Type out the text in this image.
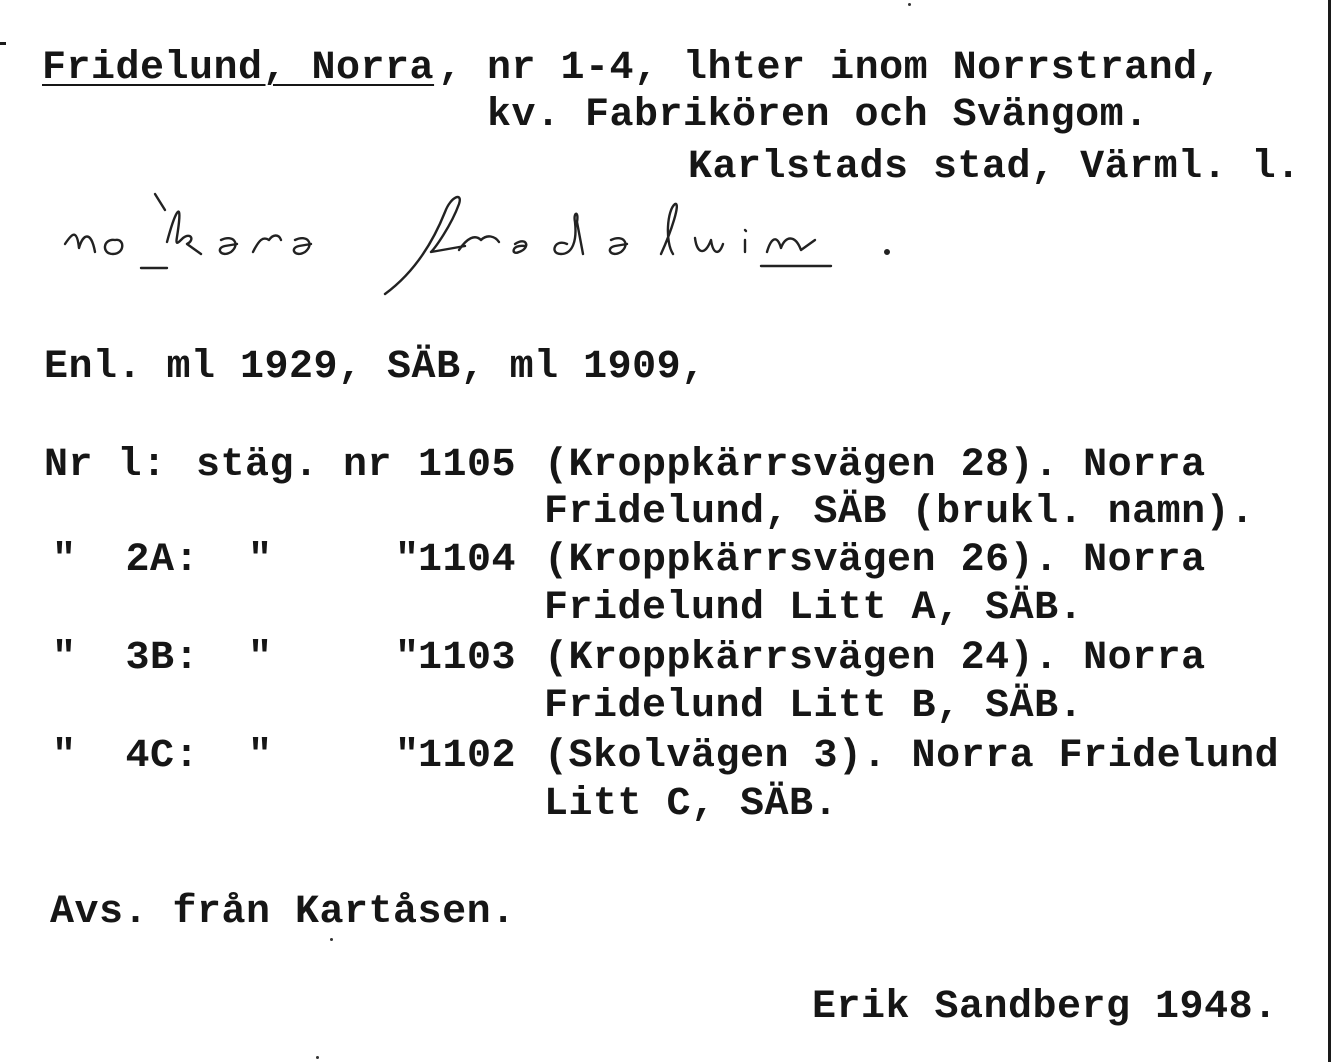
Fridelund, Norra , nr 1-4, lhter inom Norrstrand,
kv. Fabrikören och Svängom.
Karlstads stad, Värml. l.
Enl. ml 1929, SÄB, ml 1909,
Nr l: stäg. nr 1105 (Kroppkärrsvägen 28). Norra
Fridelund, SÄB (brukl. namn).
"  2A: "     "
1104 (Kroppkärrsvägen 26). Norra
Fridelund Litt A, SÄB.
"  3B: "     "
1103 (Kroppkärrsvägen 24). Norra
Fridelund Litt B, SÄB.
"  4C: "     "
1102 (Skolvägen 3). Norra Fridelund
Litt C, SÄB.
Avs. från Kartåsen.
Erik Sandberg 1948.
